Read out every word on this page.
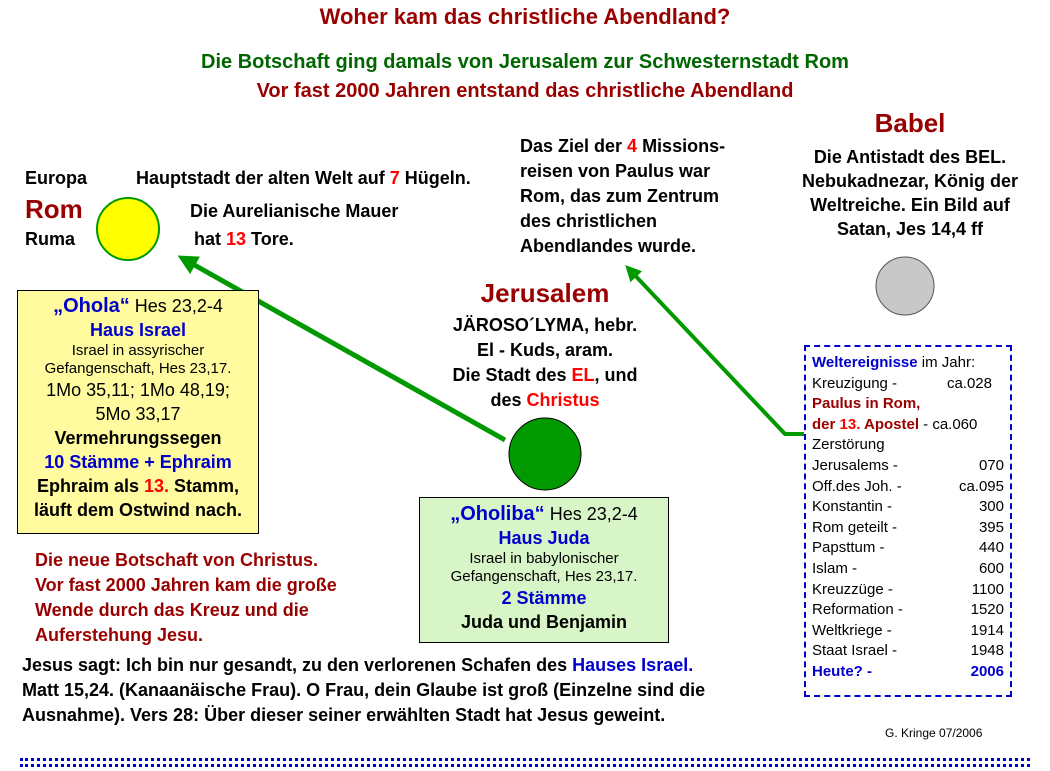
Woher kam das christliche Abendland?
Die Botschaft ging damals von Jerusalem zur Schwesternstadt Rom
Vor fast 2000 Jahren entstand das christliche Abendland
Europa
Rom
Ruma
Hauptstadt der alten Welt auf 7 Hügeln.
Die Aurelianische Mauer
hat 13 Tore.
Das Ziel der 4 Missions-
reisen von Paulus war
Rom, das zum Zentrum
des christlichen
Abendlandes wurde.
Babel
Die Antistadt des BEL.
Nebukadnezar, König der
Weltreiche. Ein Bild auf
Satan, Jes 14,4 ff
Jerusalem
JÄROSO´LYMA, hebr.
El - Kuds, aram.
Die Stadt des EL, und
des Christus
„Ohola“ Hes 23,2-4
Haus Israel
Israel in assyrischer
Gefangenschaft, Hes 23,17.
1Mo 35,11; 1Mo 48,19;
5Mo 33,17
Vermehrungssegen
10 Stämme + Ephraim
Ephraim als 13. Stamm,
läuft dem Ostwind nach.	„Oholiba“ Hes 23,2-4
Haus Juda
Israel in babylonischer
Gefangenschaft, Hes 23,17.
2 Stämme
Juda und Benjamin
Die neue Botschaft von Christus.
Vor fast 2000 Jahren kam die große
Wende durch das Kreuz und die
Auferstehung Jesu.
Jesus sagt: Ich bin nur gesandt, zu den verlorenen Schafen des Hauses Israel.
Matt 15,24. (Kanaanäische Frau). O Frau, dein Glaube ist groß (Einzelne sind die
Ausnahme). Vers 28: Über dieser seiner erwählten Stadt hat Jesus geweint.
Weltereignisse im Jahr:
Kreuzigung -	ca.028
Paulus in Rom,
der 13. Apostel - ca.060
Zerstörung
Jerusalems -	070
Off.des Joh. -	ca.095
Konstantin -	300
Rom geteilt -	395
Papsttum -	440
Islam -	600
Kreuzzüge -	1100
Reformation -	1520
Weltkriege -	1914
Staat Israel -	1948
Heute? -	2006
G. Kringe 07/2006
